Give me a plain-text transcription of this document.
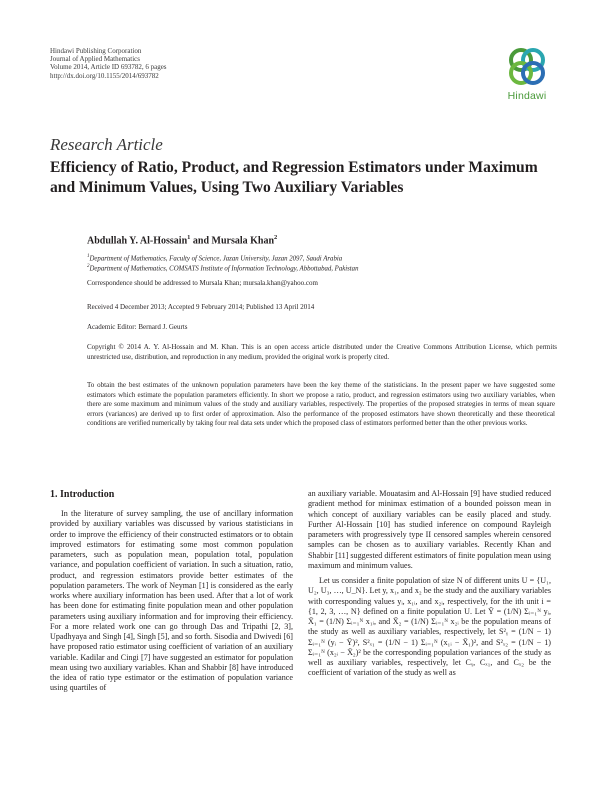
Hindawi Publishing Corporation
Journal of Applied Mathematics
Volume 2014, Article ID 693782, 6 pages
http://dx.doi.org/10.1155/2014/693782
Hindawi
Research Article
Efficiency of Ratio, Product, and Regression Estimators under Maximum and Minimum Values, Using Two Auxiliary Variables
Abdullah Y. Al-Hossain$^1$ and Mursala Khan$^2$
$^1$Department of Mathematics, Faculty of Science, Jazan University, Jazan 2097, Saudi Arabia
$^2$Department of Mathematics, COMSATS Institute of Information Technology, Abbottabad, Pakistan
Correspondence should be addressed to Mursala Khan; mursala.khan@yahoo.com
Received 4 December 2013; Accepted 9 February 2014; Published 13 April 2014
Academic Editor: Bernard J. Geurts
Copyright © 2014 A. Y. Al-Hossain and M. Khan. This is an open access article distributed under the Creative Commons Attribution License, which permits unrestricted use, distribution, and reproduction in any medium, provided the original work is properly cited.
To obtain the best estimates of the unknown population parameters have been the key theme of the statisticians. In the present paper we have suggested some estimators which estimate the population parameters efficiently. In short we propose a ratio, product, and regression estimators using two auxiliary variables, when there are some maximum and minimum values of the study and auxiliary variables, respectively. The properties of the proposed strategies in terms of mean square errors (variances) are derived up to first order of approximation. Also the performance of the proposed estimators have shown theoretically and these theoretical conditions are verified numerically by taking four real data sets under which the proposed class of estimators performed better than the other previous works.
1. Introduction

In the literature of survey sampling, the use of ancillary information provided by auxiliary variables was discussed by various statisticians in order to improve the efficiency of their constructed estimators or to obtain improved estimators for estimating some most common population parameters, such as population mean, population total, population variance, and population coefficient of variation. In such a situation, ratio, product, and regression estimators provide better estimates of the population parameters. The work of Neyman [1] is considered as the early works where auxiliary information has been used. After that a lot of work has been done for estimating finite population mean and other population parameters using auxiliary information and for improving their efficiency. For a more related work one can go through Das and Tripathi [2, 3], Upadhyaya and Singh [4], Singh [5], and so forth. Sisodia and Dwivedi [6] have proposed ratio estimator using coefficient of variation of an auxiliary variable. Kadilar and Cingi [7] have suggested an estimator for population mean using two auxiliary variables. Khan and Shabbir [8] have introduced the idea of ratio type estimator or the estimation of population variance using quartiles of

an auxiliary variable. Mouatasim and Al-Hossain [9] have studied reduced gradient method for minimax estimation of a bounded poisson mean in which concept of auxiliary variables can be easily placed and study. Further Al-Hossain [10] has studied inference on compound Rayleigh parameters with progressively type II censored samples wherein censored samples can be chosen as to auxiliary variables. Recently Khan and Shabbir [11] suggested different estimators of finite population mean using maximum and minimum values.

Let us consider a finite population of size N of different units U = {U₁, U₂, U₃, …, U_N}. Let y, x₁, and x₂ be the study and the auxiliary variables with corresponding values yᵢ, x₁ᵢ, and x₂ᵢ, respectively, for the ith unit i = {1, 2, 3, …, N} defined on a finite population U. Let Ȳ = (1/N) Σᵢ₌₁ᴺ yᵢ, X̄₁ = (1/N) Σᵢ₌₁ᴺ x₁ᵢ, and X̄₂ = (1/N) Σᵢ₌₁ᴺ x₂ᵢ be the population means of the study as well as auxiliary variables, respectively, let S²ᵧ = (1/N − 1) Σᵢ₌₁ᴺ (yᵢ − Ȳ)², S²ₓ₁ = (1/N − 1) Σᵢ₌₁ᴺ (x₁ᵢ − X̄₁)², and S²ₓ₂ = (1/N − 1) Σᵢ₌₁ᴺ (x₂ᵢ − X̄₂)² be the corresponding population variances of the study as well as auxiliary variables, respectively, let Cᵧ, Cₓ₁, and Cₓ₂ be the coefficient of variation of the study as well as
